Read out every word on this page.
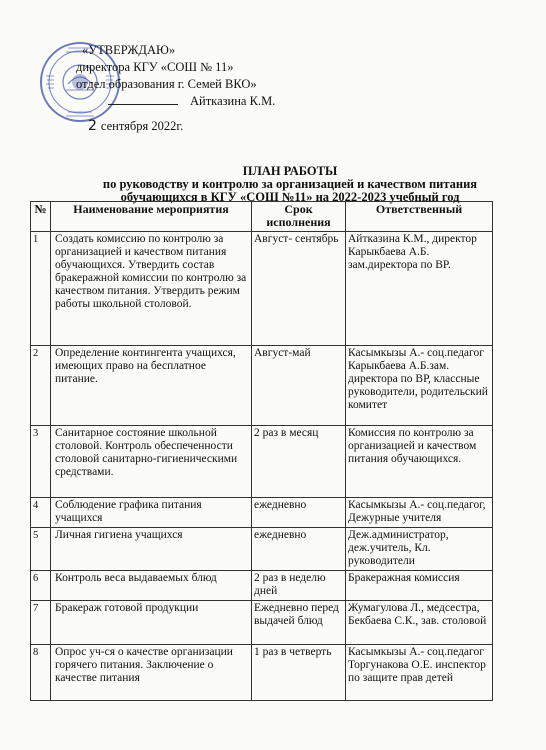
«УТВЕРЖДАЮ»
директора КГУ «СОШ № 11»
отдел образования г. Семей ВКО»
Айтказина К.М.
2 сентября 2022г.
ПЛАН РАБОТЫ
по руководству и контролю за организацией и качеством питания
обучающихся в КГУ «СОШ №11» на 2022-2023 учебный год
№	Наименование мероприятия	Срок исполнения	Ответственный
1	Создать комиссию по контролю за организацией и качеством питания обучающихся. Утвердить состав бракеражной комиссии по контролю за качеством питания. Утвердить режим работы школьной столовой.	Август- сентябрь	Айтказина К.М., директор Карыкбаева А.Б. зам.директора по ВР.
2	Определение контингента учащихся, имеющих право на бесплатное питание.	Август-май	Касымкызы А.- соц.педагог Карыкбаева А.Б.зам. директора по ВР, классные руководители, родительский комитет
3	Санитарное состояние школьной столовой. Контроль обеспеченности столовой санитарно-гигиеническими средствами.	2 раз в месяц	Комиссия по контролю за организацией и качеством питания обучающихся.
4	Соблюдение графика питания учащихся	ежедневно	Касымкызы А.- соц.педагог, Дежурные учителя
5	Личная гигиена учащихся	ежедневно	Деж.администратор, деж.учитель, Кл. руководители
6	Контроль веса выдаваемых блюд	2 раз в неделю дней	Бракеражная комиссия
7	Бракераж готовой продукции	Ежедневно перед выдачей блюд	Жумагулова Л., медсестра, Бекбаева С.К., зав. столовой
8	Опрос уч-ся о качестве организации горячего питания. Заключение о качестве питания	1 раз в четверть	Касымкызы А.- соц.педагог Торгунакова О.Е. инспектор по защите прав детей
